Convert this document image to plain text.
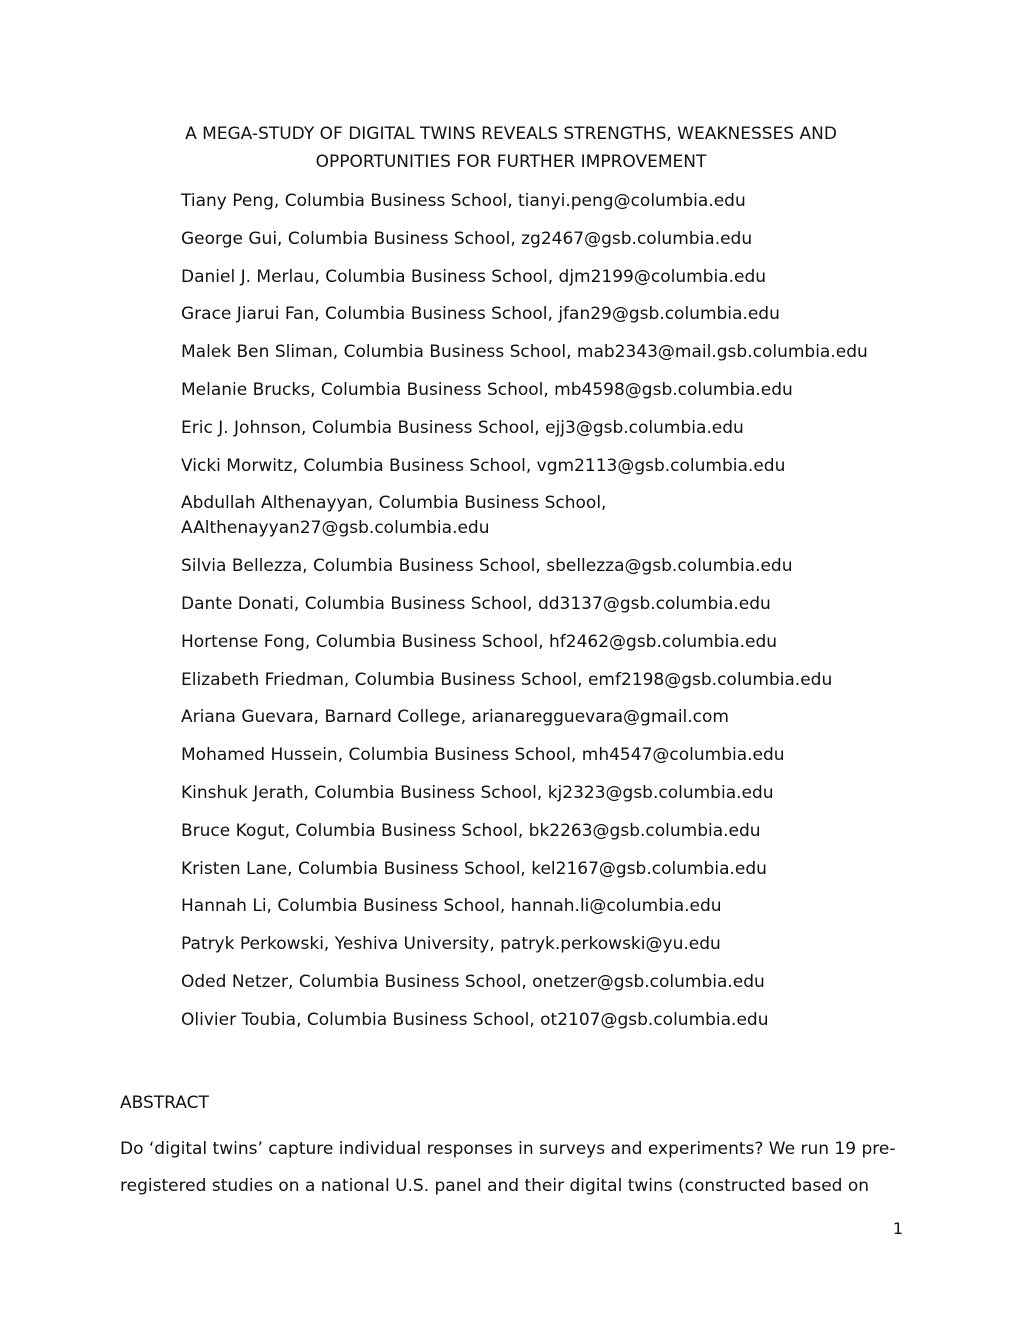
A MEGA-STUDY OF DIGITAL TWINS REVEALS STRENGTHS, WEAKNESSES AND
OPPORTUNITIES FOR FURTHER IMPROVEMENT
Tiany Peng, Columbia Business School, tianyi.peng@columbia.edu
George Gui, Columbia Business School, zg2467@gsb.columbia.edu
Daniel J. Merlau, Columbia Business School, djm2199@columbia.edu
Grace Jiarui Fan, Columbia Business School, jfan29@gsb.columbia.edu
Malek Ben Sliman, Columbia Business School, mab2343@mail.gsb.columbia.edu
Melanie Brucks, Columbia Business School, mb4598@gsb.columbia.edu
Eric J. Johnson, Columbia Business School, ejj3@gsb.columbia.edu
Vicki Morwitz, Columbia Business School, vgm2113@gsb.columbia.edu
Abdullah Althenayyan, Columbia Business School, AAlthenayyan27@gsb.columbia.edu
Silvia Bellezza, Columbia Business School, sbellezza@gsb.columbia.edu
Dante Donati, Columbia Business School, dd3137@gsb.columbia.edu
Hortense Fong, Columbia Business School, hf2462@gsb.columbia.edu
Elizabeth Friedman, Columbia Business School, emf2198@gsb.columbia.edu
Ariana Guevara, Barnard College, arianaregguevara@gmail.com
Mohamed Hussein, Columbia Business School, mh4547@columbia.edu
Kinshuk Jerath, Columbia Business School, kj2323@gsb.columbia.edu
Bruce Kogut, Columbia Business School, bk2263@gsb.columbia.edu
Kristen Lane, Columbia Business School, kel2167@gsb.columbia.edu
Hannah Li, Columbia Business School, hannah.li@columbia.edu
Patryk Perkowski, Yeshiva University, patryk.perkowski@yu.edu
Oded Netzer, Columbia Business School, onetzer@gsb.columbia.edu
Olivier Toubia, Columbia Business School, ot2107@gsb.columbia.edu
ABSTRACT

Do ‘digital twins’ capture individual responses in surveys and experiments? We run 19 pre-registered studies on a national U.S. panel and their digital twins (constructed based on

1
